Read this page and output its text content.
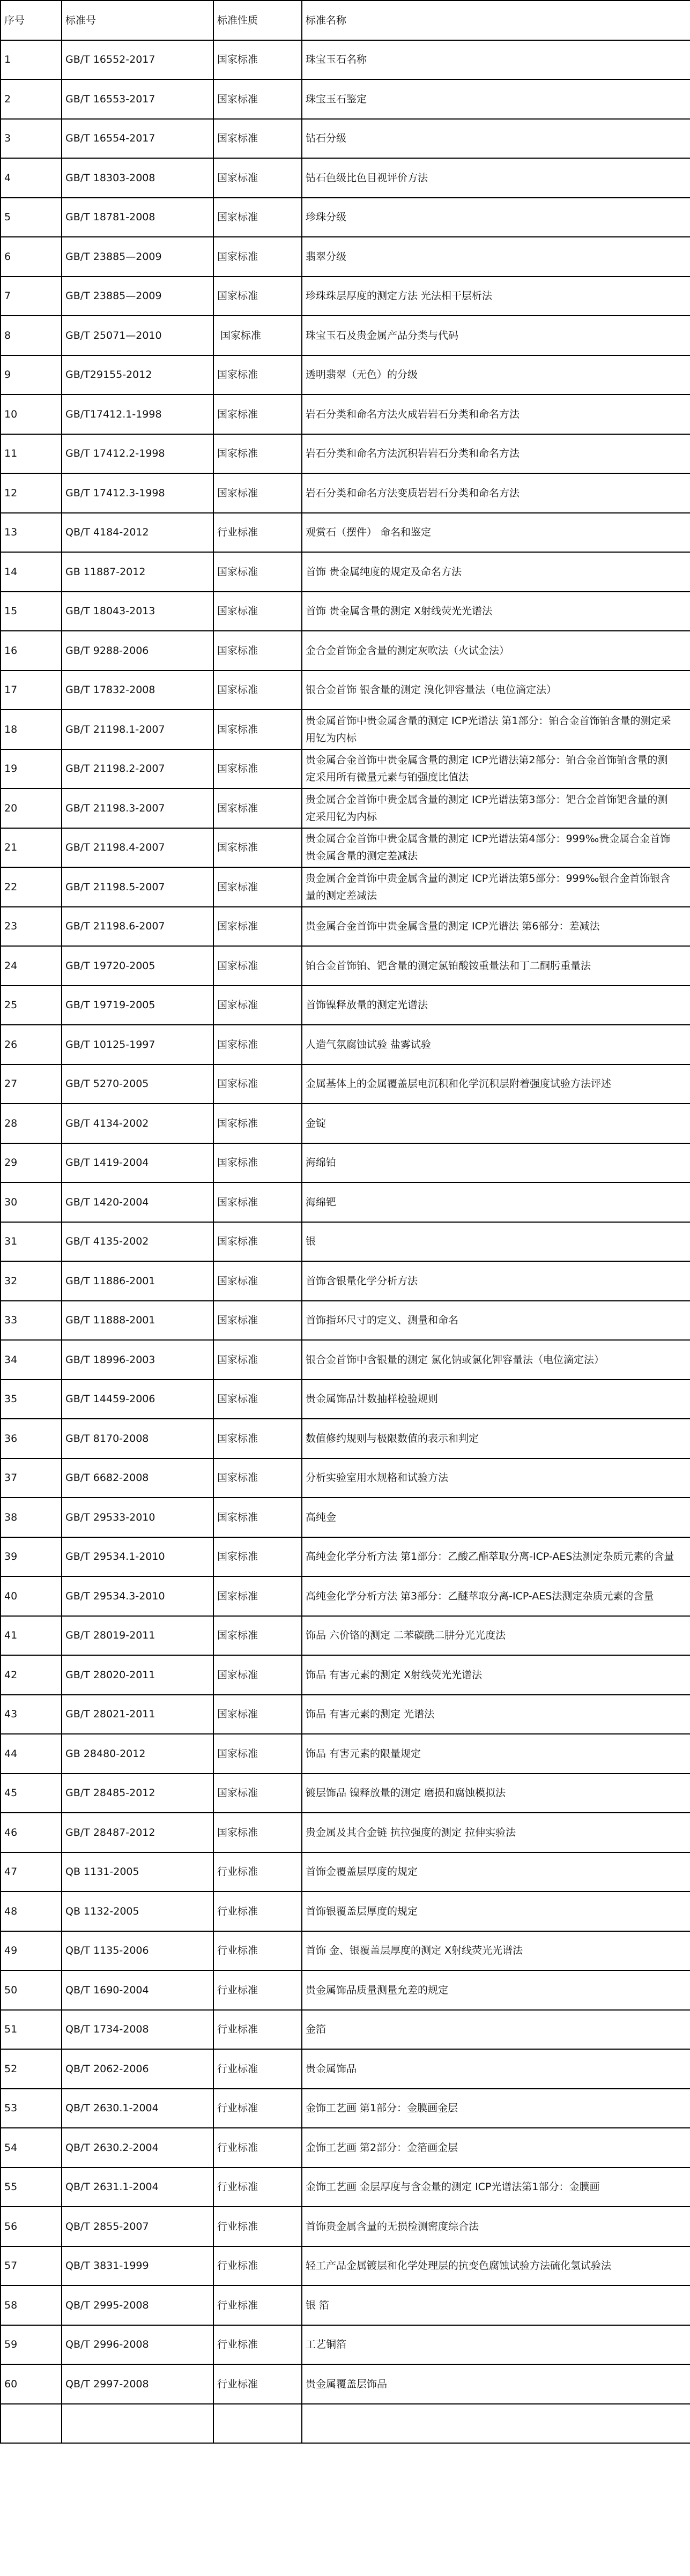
序号	标准号	标准性质	标准名称
1	GB/T 16552-2017	国家标准	珠宝玉石名称
2	GB/T 16553-2017	国家标准	珠宝玉石鉴定
3	GB/T 16554-2017	国家标准	钻石分级
4	GB/T 18303-2008	国家标准	钻石色级比色目视评价方法
5	GB/T 18781-2008	国家标准	珍珠分级
6	GB/T 23885—2009	国家标准	翡翠分级
7	GB/T 23885—2009	国家标准	珍珠珠层厚度的测定方法 光法相干层析法
8	GB/T 25071—2010	国家标准	珠宝玉石及贵金属产品分类与代码
9	GB/T29155-2012	国家标准	透明翡翠（无色）的分级
10	GB/T17412.1-1998	国家标准	岩石分类和命名方法火成岩岩石分类和命名方法
11	GB/T 17412.2-1998	国家标准	岩石分类和命名方法沉积岩岩石分类和命名方法
12	GB/T 17412.3-1998	国家标准	岩石分类和命名方法变质岩岩石分类和命名方法
13	QB/T 4184-2012	行业标准	观赏石（摆件） 命名和鉴定
14	GB 11887-2012	国家标准	首饰 贵金属纯度的规定及命名方法
15	GB/T 18043-2013	国家标准	首饰 贵金属含量的测定 X射线荧光光谱法
16	GB/T 9288-2006	国家标准	金合金首饰金含量的测定灰吹法（火试金法）
17	GB/T 17832-2008	国家标准	银合金首饰 银含量的测定 溴化钾容量法（电位滴定法）
18	GB/T 21198.1-2007	国家标准	贵金属首饰中贵金属含量的测定 ICP光谱法 第1部分：铂合金首饰铂含量的测定采用钇为内标
19	GB/T 21198.2-2007	国家标准	贵金属合金首饰中贵金属含量的测定 ICP光谱法第2部分：铂合金首饰铂含量的测定采用所有微量元素与铂强度比值法
20	GB/T 21198.3-2007	国家标准	贵金属合金首饰中贵金属含量的测定 ICP光谱法第3部分：钯合金首饰钯含量的测定采用钇为内标
21	GB/T 21198.4-2007	国家标准	贵金属合金首饰中贵金属含量的测定 ICP光谱法第4部分：999‰贵金属合金首饰贵金属含量的测定差减法
22	GB/T 21198.5-2007	国家标准	贵金属合金首饰中贵金属含量的测定 ICP光谱法第5部分：999‰银合金首饰银含量的测定差减法
23	GB/T 21198.6-2007	国家标准	贵金属合金首饰中贵金属含量的测定 ICP光谱法 第6部分：差减法
24	GB/T 19720-2005	国家标准	铂合金首饰铂、钯含量的测定氯铂酸铵重量法和丁二酮肟重量法
25	GB/T 19719-2005	国家标准	首饰镍释放量的测定光谱法
26	GB/T 10125-1997	国家标准	人造气氛腐蚀试验 盐雾试验
27	GB/T 5270-2005	国家标准	金属基体上的金属覆盖层电沉积和化学沉积层附着强度试验方法评述
28	GB/T 4134-2002	国家标准	金锭
29	GB/T 1419-2004	国家标准	海绵铂
30	GB/T 1420-2004	国家标准	海绵钯
31	GB/T 4135-2002	国家标准	银
32	GB/T 11886-2001	国家标准	首饰含银量化学分析方法
33	GB/T 11888-2001	国家标准	首饰指环尺寸的定义、测量和命名
34	GB/T 18996-2003	国家标准	银合金首饰中含银量的测定 氯化钠或氯化钾容量法（电位滴定法）
35	GB/T 14459-2006	国家标准	贵金属饰品计数抽样检验规则
36	GB/T 8170-2008	国家标准	数值修约规则与极限数值的表示和判定
37	GB/T 6682-2008	国家标准	分析实验室用水规格和试验方法
38	GB/T 29533-2010	国家标准	高纯金
39	GB/T 29534.1-2010	国家标准	高纯金化学分析方法 第1部分：乙酸乙酯萃取分离-ICP-AES法测定杂质元素的含量
40	GB/T 29534.3-2010	国家标准	高纯金化学分析方法 第3部分：乙醚萃取分离-ICP-AES法测定杂质元素的含量
41	GB/T 28019-2011	国家标准	饰品 六价铬的测定 二苯碳酰二肼分光光度法
42	GB/T 28020-2011	国家标准	饰品 有害元素的测定 X射线荧光光谱法
43	GB/T 28021-2011	国家标准	饰品 有害元素的测定 光谱法
44	GB 28480-2012	国家标准	饰品 有害元素的限量规定
45	GB/T 28485-2012	国家标准	镀层饰品 镍释放量的测定 磨损和腐蚀模拟法
46	GB/T 28487-2012	国家标准	贵金属及其合金链 抗拉强度的测定 拉伸实验法
47	QB 1131-2005	行业标准	首饰金覆盖层厚度的规定
48	QB 1132-2005	行业标准	首饰银覆盖层厚度的规定
49	QB/T 1135-2006	行业标准	首饰 金、银覆盖层厚度的测定 X射线荧光光谱法
50	QB/T 1690-2004	行业标准	贵金属饰品质量测量允差的规定
51	QB/T 1734-2008	行业标准	金箔
52	QB/T 2062-2006	行业标准	贵金属饰品
53	QB/T 2630.1-2004	行业标准	金饰工艺画 第1部分：金膜画金层
54	QB/T 2630.2-2004	行业标准	金饰工艺画 第2部分：金箔画金层
55	QB/T 2631.1-2004	行业标准	金饰工艺画 金层厚度与含金量的测定 ICP光谱法第1部分：金膜画
56	QB/T 2855-2007	行业标准	首饰贵金属含量的无损检测密度综合法
57	QB/T 3831-1999	行业标准	轻工产品金属镀层和化学处理层的抗变色腐蚀试验方法硫化氢试验法
58	QB/T 2995-2008	行业标准	银 箔
59	QB/T 2996-2008	行业标准	工艺铜箔
60	QB/T 2997-2008	行业标准	贵金属覆盖层饰品
